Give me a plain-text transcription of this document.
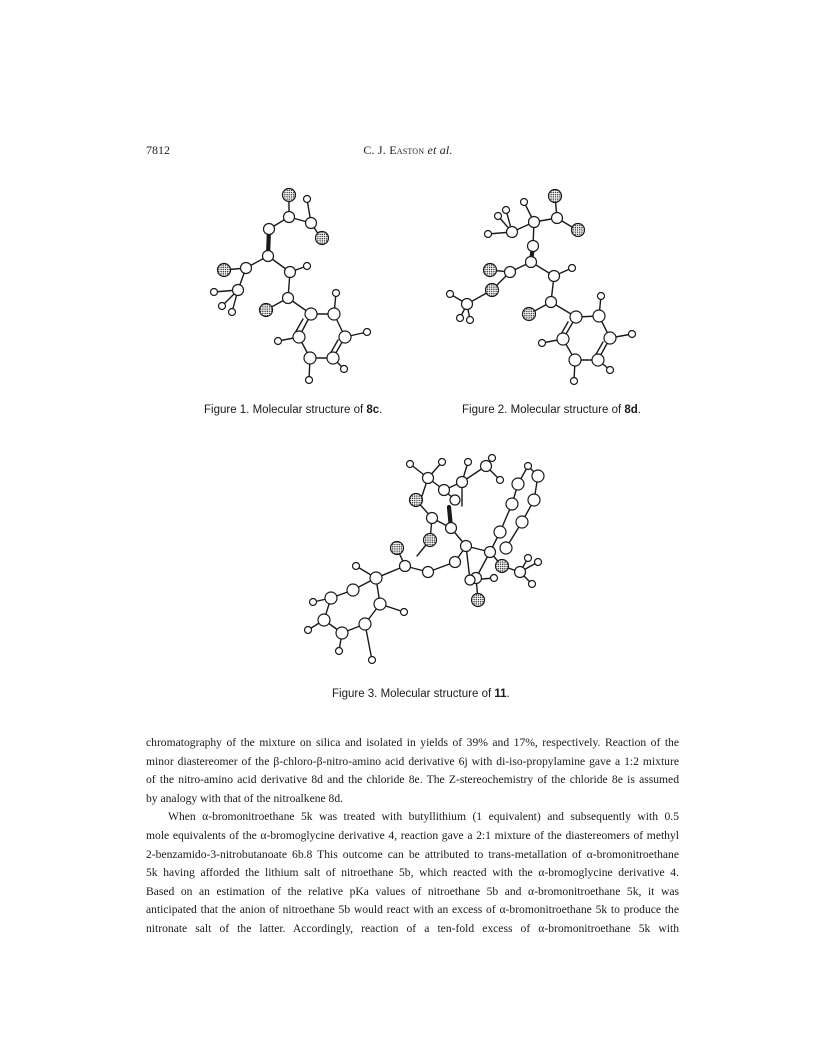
7812	C. J. Easton et al.
Figure 1. Molecular structure of 8c.	Figure 2. Molecular structure of 8d.
Figure 3. Molecular structure of 11.
chromatography of the mixture on silica and isolated in yields of 39% and 17%, respectively. Reaction of the
minor diastereomer of the β-chloro-β-nitro-amino acid derivative 6j with di-iso-propylamine gave a 1:2 mixture
of the nitro-amino acid derivative 8d and the chloride 8e. The Z-stereochemistry of the chloride 8e is assumed
by analogy with that of the nitroalkene 8d.
When α-bromonitroethane 5k was treated with butyllithium (1 equivalent) and subsequently with 0.5
mole equivalents of the α-bromoglycine derivative 4, reaction gave a 2:1 mixture of the diastereomers of methyl
2-benzamido-3-nitrobutanoate 6b.8 This outcome can be attributed to trans-metallation of α-bromonitroethane
5k having afforded the lithium salt of nitroethane 5b, which reacted with the α-bromoglycine derivative 4.
Based on an estimation of the relative pKa values of nitroethane 5b and α-bromonitroethane 5k, it was
anticipated that the anion of nitroethane 5b would react with an excess of α-bromonitroethane 5k to produce the
nitronate salt of the latter. Accordingly, reaction of a ten-fold excess of α-bromonitroethane 5k with
